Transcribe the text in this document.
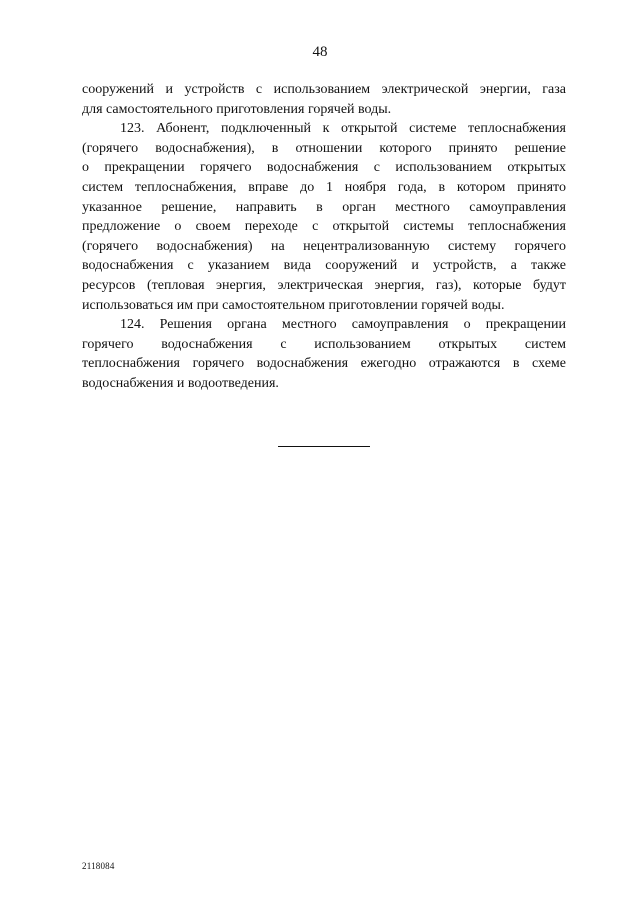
48

сооружений и устройств с использованием электрической энергии, газа
для самостоятельного приготовления горячей воды.

123. Абонент, подключенный к открытой системе теплоснабжения
(горячего водоснабжения), в отношении которого принято решение
о прекращении горячего водоснабжения с использованием открытых
систем теплоснабжения, вправе до 1 ноября года, в котором принято
указанное решение, направить в орган местного самоуправления
предложение о своем переходе с открытой системы теплоснабжения
(горячего водоснабжения) на нецентрализованную систему горячего
водоснабжения с указанием вида сооружений и устройств, а также
ресурсов (тепловая энергия, электрическая энергия, газ), которые будут
использоваться им при самостоятельном приготовлении горячей воды.

124. Решения органа местного самоуправления о прекращении
горячего водоснабжения с использованием открытых систем
теплоснабжения горячего водоснабжения ежегодно отражаются в схеме
водоснабжения и водоотведения.

2118084
